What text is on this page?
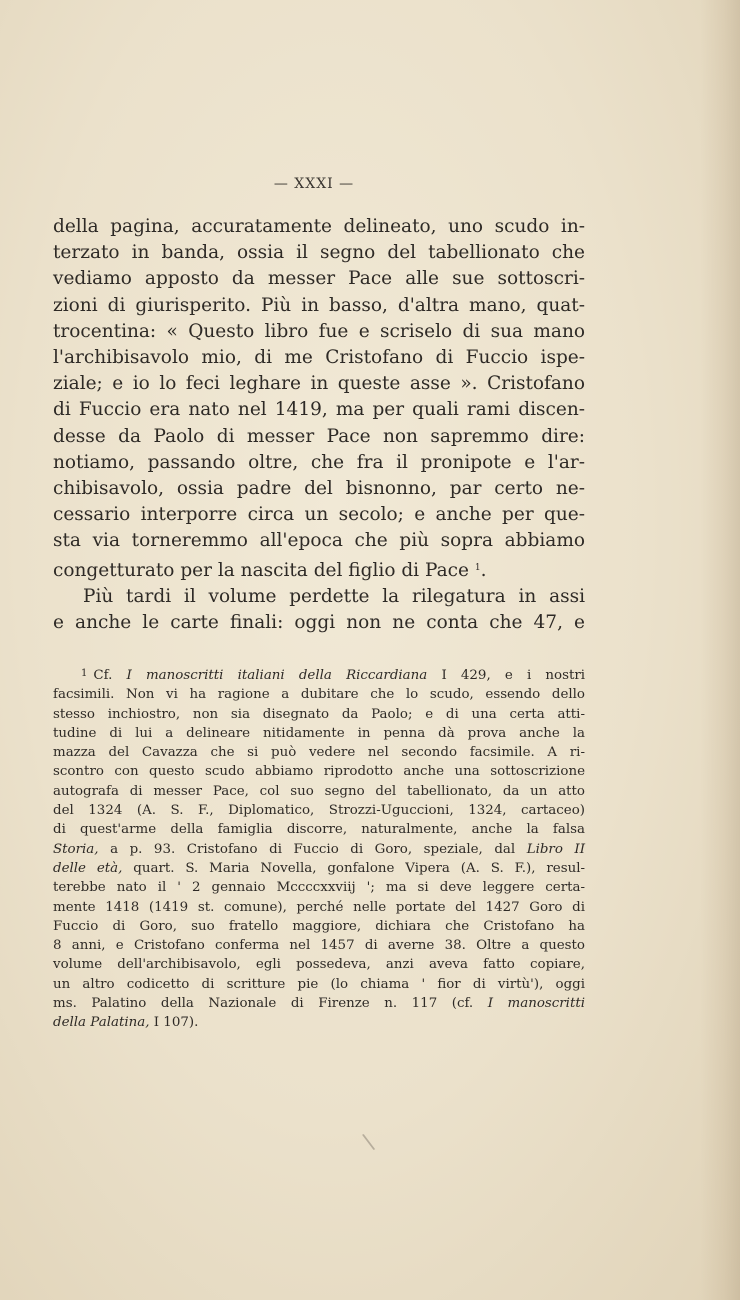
— XXXI —
della pagina, accuratamente delineato, uno scudo in-
terzato in banda, ossia il segno del tabellionato che
vediamo apposto da messer Pace alle sue sottoscri-
zioni di giurisperito. Più in basso, d'altra mano, quat-
trocentina: « Questo libro fue e scriselo di sua mano
l'archibisavolo mio, di me Cristofano di Fuccio ispe-
ziale; e io lo feci leghare in queste asse ». Cristofano
di Fuccio era nato nel 1419, ma per quali rami discen-
desse da Paolo di messer Pace non sapremmo dire:
notiamo, passando oltre, che fra il pronipote e l'ar-
chibisavolo, ossia padre del bisnonno, par certo ne-
cessario interporre circa un secolo; e anche per que-
sta via torneremmo all'epoca che più sopra abbiamo
congetturato per la nascita del figlio di Pace $^1$.
Più tardi il volume perdette la rilegatura in assi
e anche le carte finali: oggi non ne conta che 47, e
$^1$ Cf. I manoscritti italiani della Riccardiana I 429, e i nostri
facsimili. Non vi ha ragione a dubitare che lo scudo, essendo dello
stesso inchiostro, non sia disegnato da Paolo; e di una certa atti-
tudine di lui a delineare nitidamente in penna dà prova anche la
mazza del Cavazza che si può vedere nel secondo facsimile. A ri-
scontro con questo scudo abbiamo riprodotto anche una sottoscrizione
autografa di messer Pace, col suo segno del tabellionato, da un atto
del 1324 (A. S. F., Diplomatico, Strozzi-Uguccioni, 1324, cartaceo)
di quest'arme della famiglia discorre, naturalmente, anche la falsa
Storia, a p. 93. Cristofano di Fuccio di Goro, speziale, dal Libro II
delle età, quart. S. Maria Novella, gonfalone Vipera (A. S. F.), resul-
terebbe nato il ' 2 gennaio Mccccxxviij '; ma si deve leggere certa-
mente 1418 (1419 st. comune), perché nelle portate del 1427 Goro di
Fuccio di Goro, suo fratello maggiore, dichiara che Cristofano ha
8 anni, e Cristofano conferma nel 1457 di averne 38. Oltre a questo
volume dell'archibisavolo, egli possedeva, anzi aveva fatto copiare,
un altro codicetto di scritture pie (lo chiama ' fior di virtù'), oggi
ms. Palatino della Nazionale di Firenze n. 117 (cf. I manoscritti
della Palatina, I 107).
\
